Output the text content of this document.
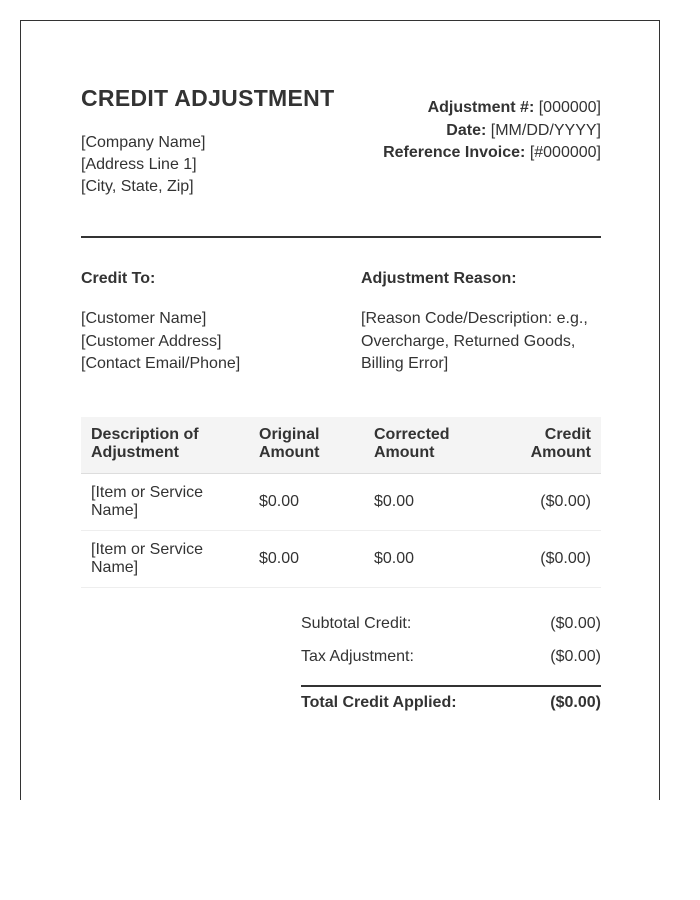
CREDIT ADJUSTMENT
[Company Name]
[Address Line 1]
[City, State, Zip]
Adjustment #: [000000]
Date: [MM/DD/YYYY]
Reference Invoice: [#000000]
Credit To:
[Customer Name]
[Customer Address]
[Contact Email/Phone]
Adjustment Reason:
[Reason Code/Description: e.g., Overcharge, Returned Goods, Billing Error]
Description of Adjustment	Original Amount	Corrected Amount	Credit Amount
[Item or Service Name]	$0.00	$0.00	($0.00)
[Item or Service Name]	$0.00	$0.00	($0.00)
Subtotal Credit:	($0.00)
Tax Adjustment:	($0.00)
Total Credit Applied:	($0.00)
